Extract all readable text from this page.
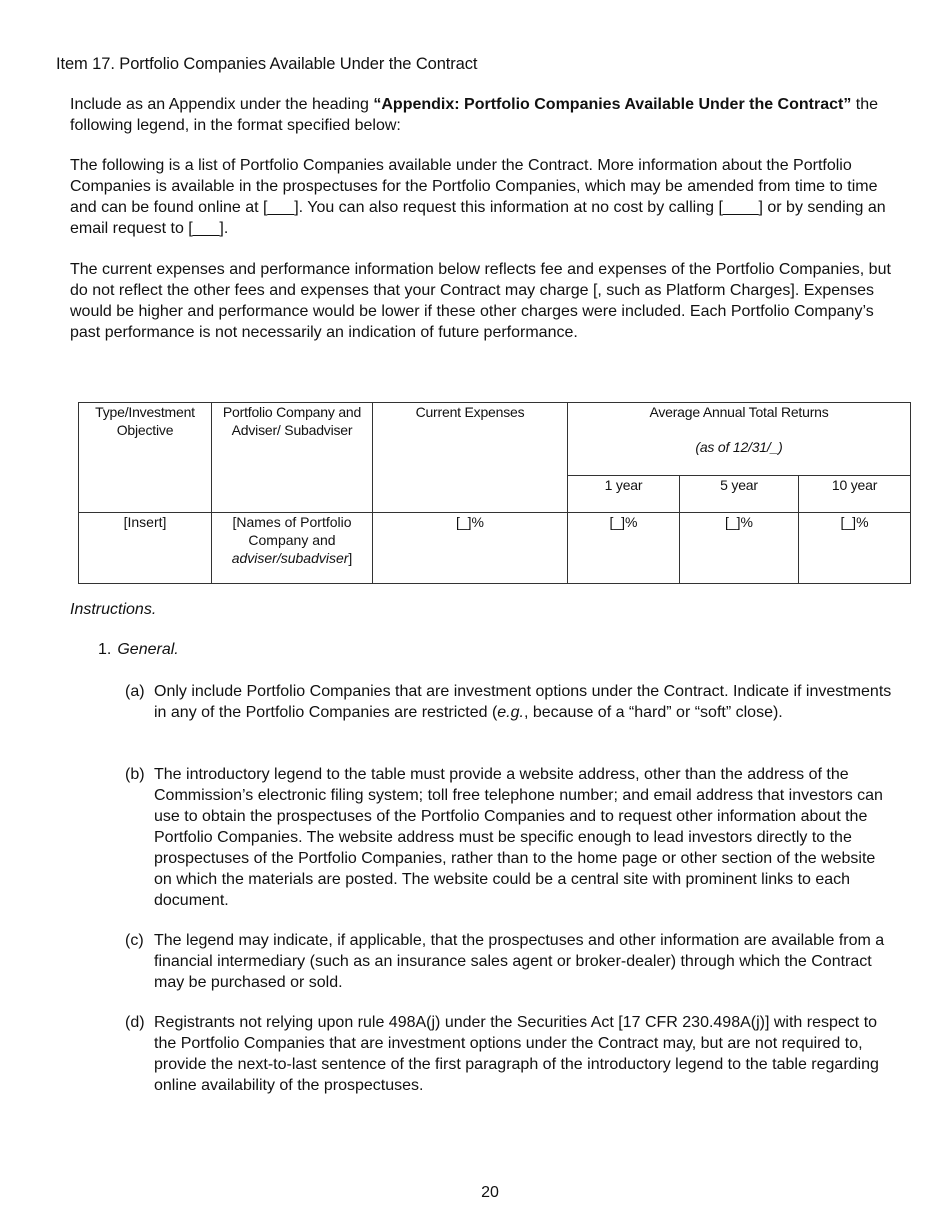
Item 17. Portfolio Companies Available Under the Contract

Include as an Appendix under the heading “Appendix: Portfolio Companies Available Under the Contract” the following legend, in the format specified below:

The following is a list of Portfolio Companies available under the Contract. More information about the Portfolio Companies is available in the prospectuses for the Portfolio Companies, which may be amended from time to time and can be found online at [___]. You can also request this information at no cost by calling [____] or by sending an email request to [___].

The current expenses and performance information below reflects fee and expenses of the Portfolio Companies, but do not reflect the other fees and expenses that your Contract may charge [, such as Platform Charges]. Expenses would be higher and performance would be lower if these other charges were included. Each Portfolio Company’s past performance is not necessarily an indication of future performance.

Type/Investment Objective	Portfolio Company and Adviser/ Subadviser	Current Expenses	Average Annual Total Returns
(as of 12/31/_)		

			1 year	5 year	10 year
[Insert]	[Names of Portfolio Company and adviser/subadviser]	[_]%	[_]%	[_]%	[_]%
Instructions.
1. General.
(a) Only include Portfolio Companies that are investment options under the Contract. Indicate if investments in any of the Portfolio Companies are restricted (e.g., because of a “hard” or “soft” close).
(b) The introductory legend to the table must provide a website address, other than the address of the Commission’s electronic filing system; toll free telephone number; and email address that investors can use to obtain the prospectuses of the Portfolio Companies and to request other information about the Portfolio Companies. The website address must be specific enough to lead investors directly to the prospectuses of the Portfolio Companies, rather than to the home page or other section of the website on which the materials are posted. The website could be a central site with prominent links to each document.
(c) The legend may indicate, if applicable, that the prospectuses and other information are available from a financial intermediary (such as an insurance sales agent or broker-dealer) through which the Contract may be purchased or sold.
(d) Registrants not relying upon rule 498A(j) under the Securities Act [17 CFR 230.498A(j)] with respect to the Portfolio Companies that are investment options under the Contract may, but are not required to, provide the next-to-last sentence of the first paragraph of the introductory legend to the table regarding online availability of the prospectuses.
20
